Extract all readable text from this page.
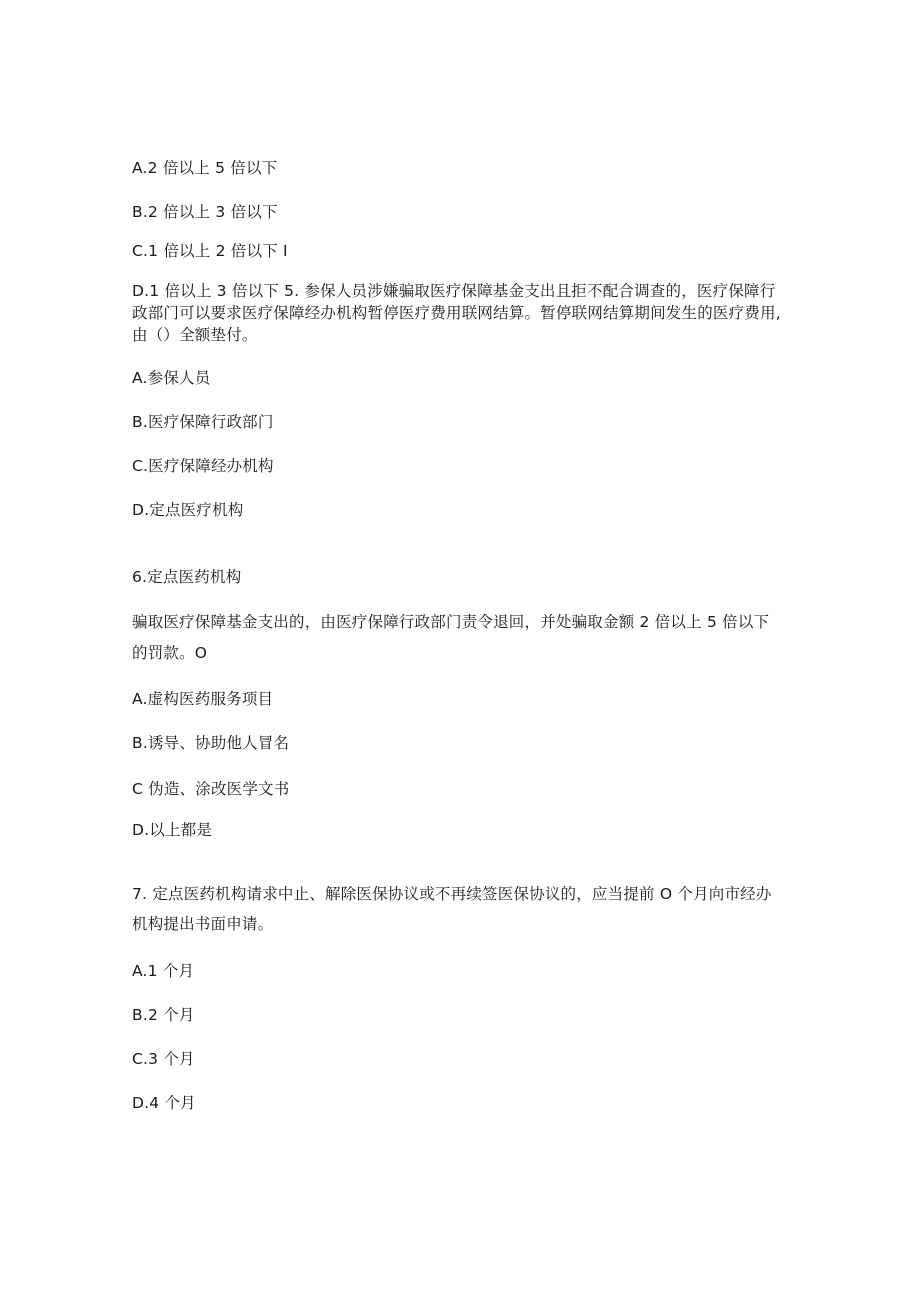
A.2 倍以上 5 倍以下
B.2 倍以上 3 倍以下
C.1 倍以上 2 倍以下 I
D.1 倍以上 3 倍以下 5. 参保人员涉嫌骗取医疗保障基金支出且拒不配合调查的，医疗保障行政部门可以要求医疗保障经办机构暂停医疗费用联网结算。暂停联网结算期间发生的医疗费用, 由（）全额垫付。
A.参保人员
B.医疗保障行政部门
C.医疗保障经办机构
D.定点医疗机构
6.定点医药机构
骗取医疗保障基金支出的，由医疗保障行政部门责令退回，并处骗取金额 2 倍以上 5 倍以下的罚款。O
A.虚构医药服务项目
B.诱导、协助他人冒名
C 伪造、涂改医学文书
D.以上都是
7. 定点医药机构请求中止、解除医保协议或不再续签医保协议的，应当提前 O 个月向市经办机构提出书面申请。
A.1 个月
B.2 个月
C.3 个月
D.4 个月
